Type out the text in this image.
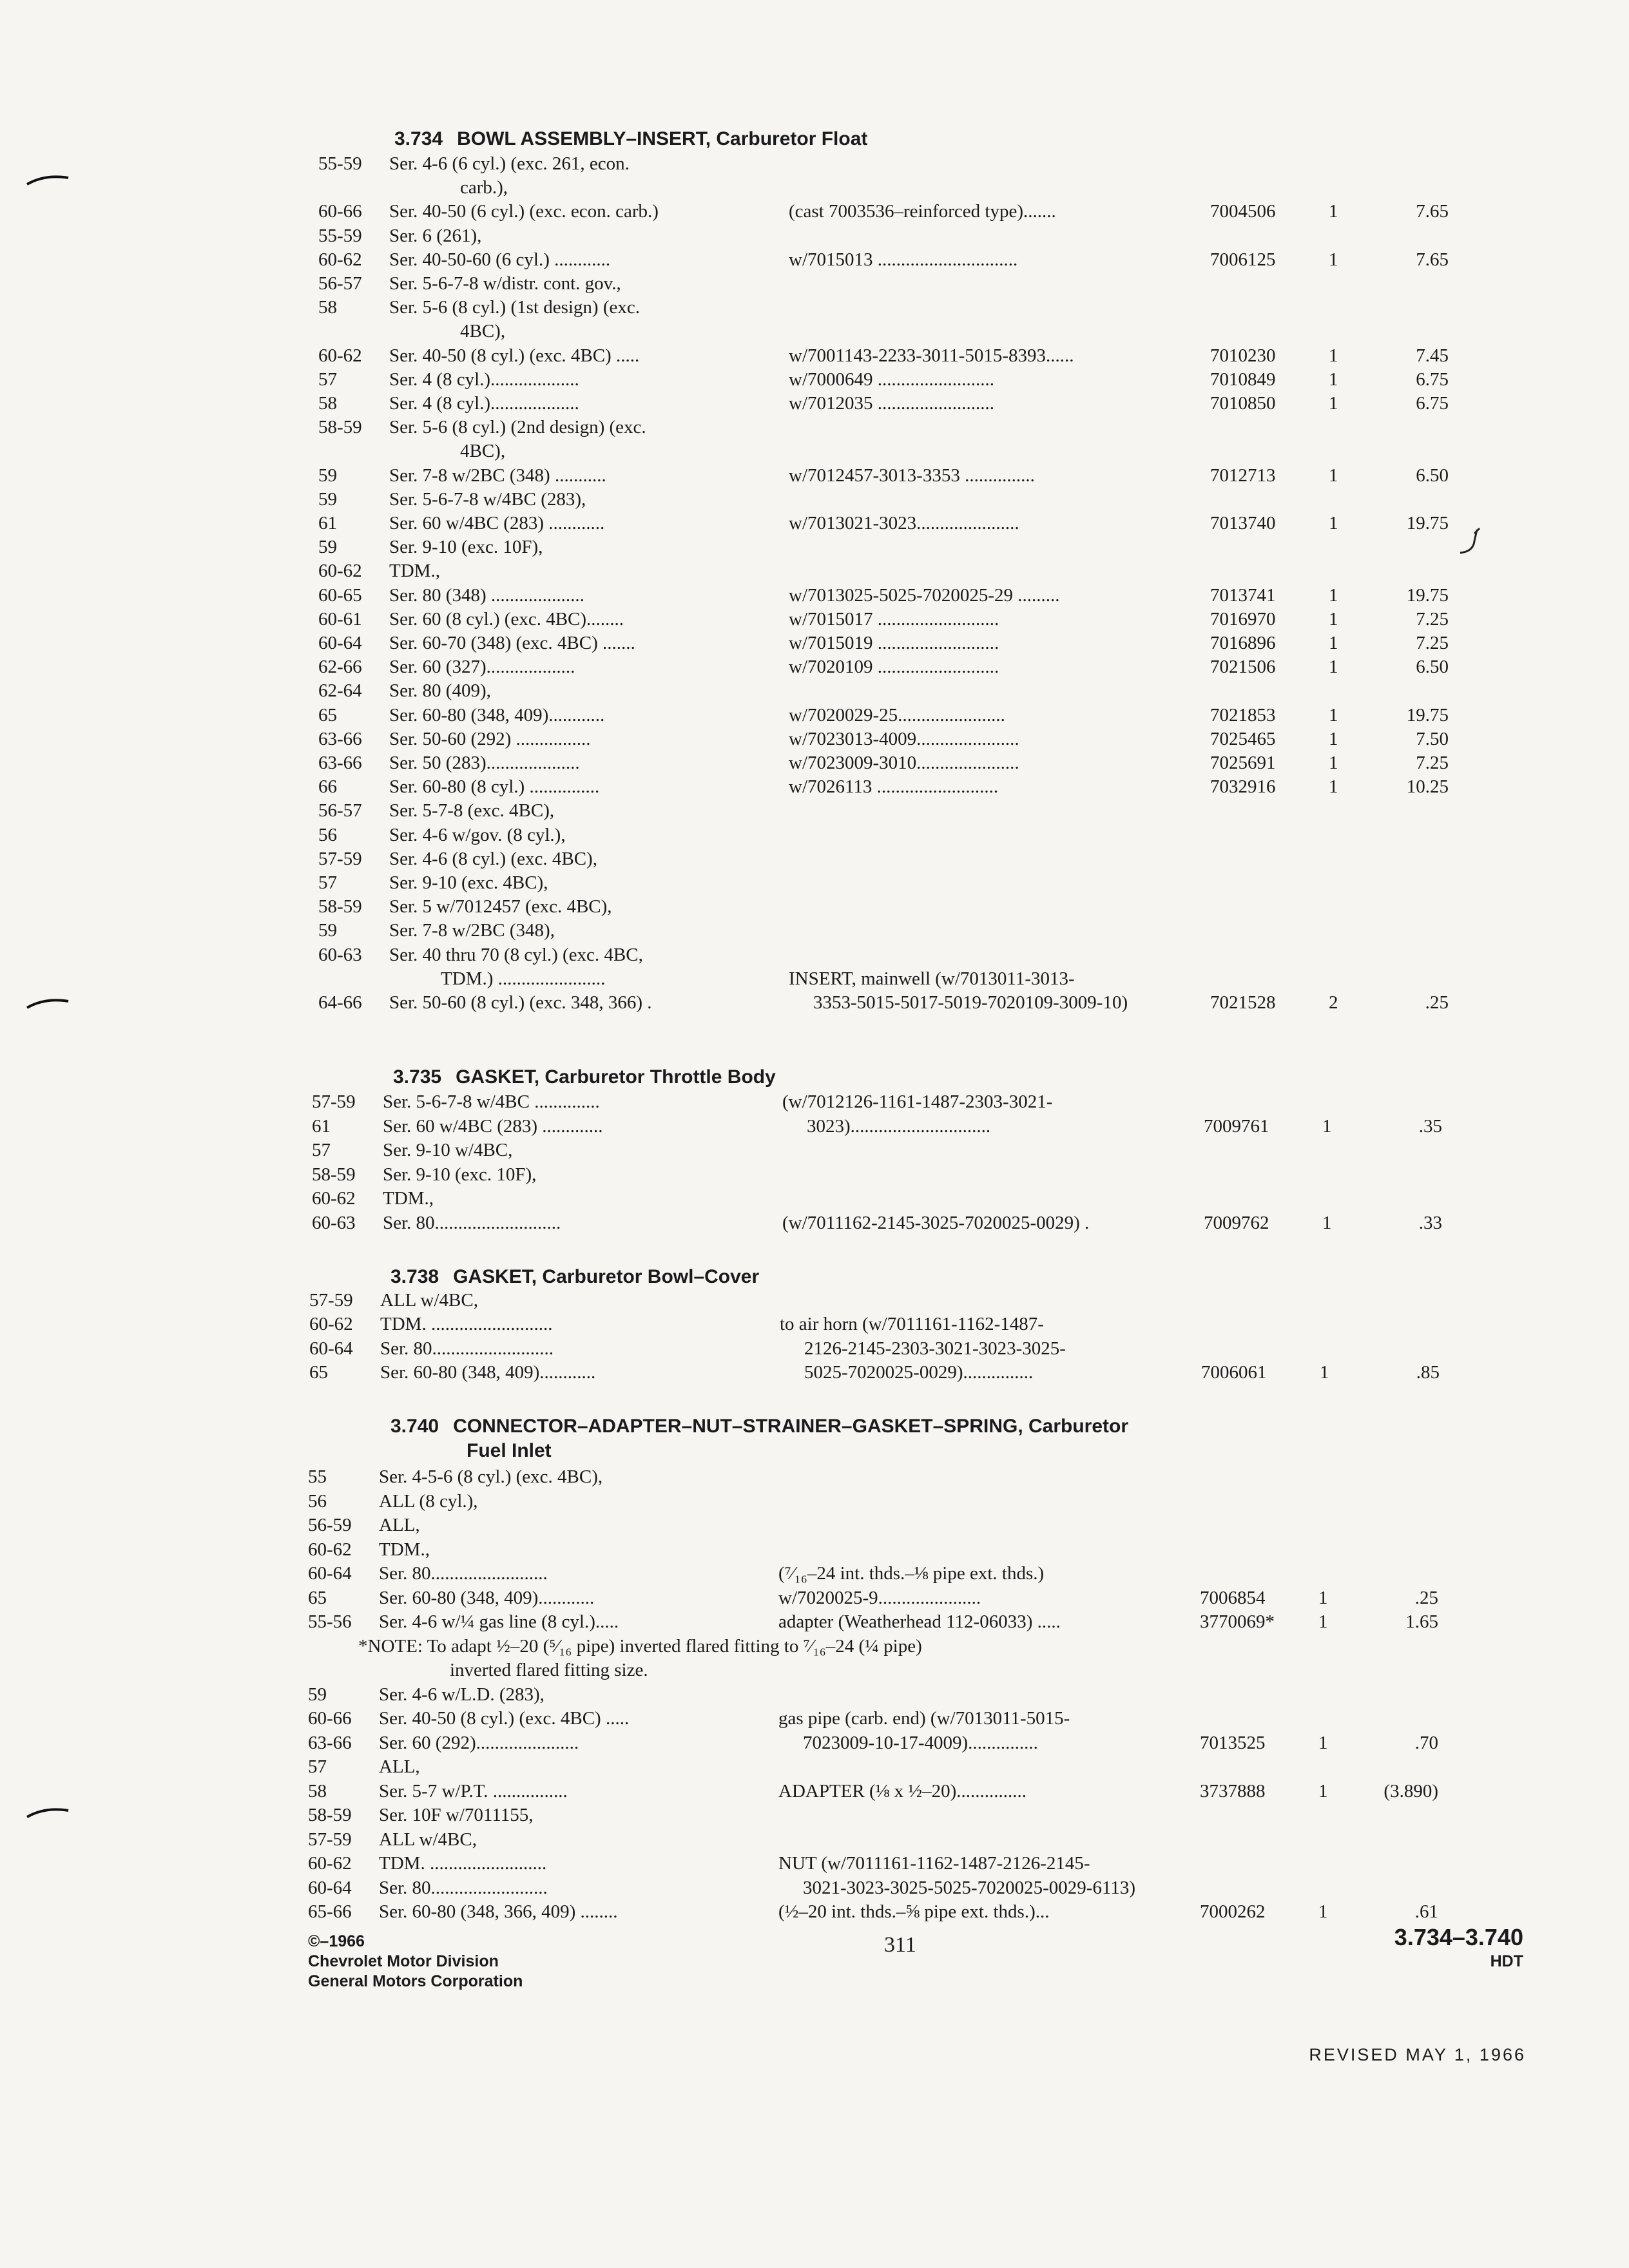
3.734 BOWL ASSEMBLY–INSERT, Carburetor Float
55-59 Ser. 4-6 (6 cyl.) (exc. 261, econ.
carb.),
60-66 Ser. 40-50 (6 cyl.) (exc. econ. carb.)	(cast 7003536–reinforced type).......	7004506	1	7.65
55-59 Ser. 6 (261),
60-62 Ser. 40-50-60 (6 cyl.) ............	w/7015013 ..............................	7006125	1	7.65
56-57 Ser. 5-6-7-8 w/distr. cont. gov.,
58	Ser. 5-6 (8 cyl.) (1st design) (exc.
4BC),
60-62 Ser. 40-50 (8 cyl.) (exc. 4BC) .....	w/7001143-2233-3011-5015-8393......	7010230	1	7.45
57	Ser. 4 (8 cyl.)...................	w/7000649 .........................	7010849	1	6.75
58	Ser. 4 (8 cyl.)...................	w/7012035 .........................	7010850	1	6.75
58-59 Ser. 5-6 (8 cyl.) (2nd design) (exc.
4BC),
59	Ser. 7-8 w/2BC (348) ...........	w/7012457-3013-3353 ...............	7012713	1	6.50
59	Ser. 5-6-7-8 w/4BC (283),
61	Ser. 60 w/4BC (283) ............	w/7013021-3023......................	7013740	1	19.75
59	Ser. 9-10 (exc. 10F),
60-62 TDM.,
60-65 Ser. 80 (348) ....................	w/7013025-5025-7020025-29 .........	7013741	1	19.75
60-61 Ser. 60 (8 cyl.) (exc. 4BC)........	w/7015017 ..........................	7016970	1	7.25
60-64 Ser. 60-70 (348) (exc. 4BC) .......	w/7015019 ..........................	7016896	1	7.25
62-66 Ser. 60 (327)...................	w/7020109 ..........................	7021506	1	6.50
62-64 Ser. 80 (409),
65	Ser. 60-80 (348, 409)............	w/7020029-25.......................	7021853	1	19.75
63-66 Ser. 50-60 (292) ................	w/7023013-4009......................	7025465	1	7.50
63-66 Ser. 50 (283)....................	w/7023009-3010......................	7025691	1	7.25
66	Ser. 60-80 (8 cyl.) ...............	w/7026113 ..........................	7032916	1	10.25
56-57 Ser. 5-7-8 (exc. 4BC),
56	Ser. 4-6 w/gov. (8 cyl.),
57-59 Ser. 4-6 (8 cyl.) (exc. 4BC),
57	Ser. 9-10 (exc. 4BC),
58-59 Ser. 5 w/7012457 (exc. 4BC),
59	Ser. 7-8 w/2BC (348),
60-63 Ser. 40 thru 70 (8 cyl.) (exc. 4BC,
TDM.) .......................	INSERT, mainwell (w/7013011-3013-
64-66 Ser. 50-60 (8 cyl.) (exc. 348, 366) .	3353-5015-5017-5019-7020109-3009-10)	7021528	2	.25
3.735 GASKET, Carburetor Throttle Body
57-59 Ser. 5-6-7-8 w/4BC ..............	(w/7012126-1161-1487-2303-3021-
61	Ser. 60 w/4BC (283) .............	3023)..............................	7009761	1	.35
57	Ser. 9-10 w/4BC,
58-59 Ser. 9-10 (exc. 10F),
60-62 TDM.,
60-63 Ser. 80...........................	(w/7011162-2145-3025-7020025-0029) .	7009762	1	.33
3.738 GASKET, Carburetor Bowl–Cover
57-59 ALL w/4BC,
60-62 TDM. ..........................	to air horn (w/7011161-1162-1487-
60-64 Ser. 80..........................	2126-2145-2303-3021-3023-3025-
65	Ser. 60-80 (348, 409)............	5025-7020025-0029)...............	7006061	1	.85
3.740 CONNECTOR–ADAPTER–NUT–STRAINER–GASKET–SPRING, Carburetor
Fuel Inlet
55	Ser. 4-5-6 (8 cyl.) (exc. 4BC),
56	ALL (8 cyl.),
56-59 ALL,
60-62 TDM.,
60-64 Ser. 80.........................	(⁷⁄₁₆–24 int. thds.–⅛ pipe ext. thds.)
65	Ser. 60-80 (348, 409)............	w/7020025-9......................	7006854	1	.25
55-56 Ser. 4-6 w/¼ gas line (8 cyl.).....	adapter (Weatherhead 112-06033) .....	3770069* 1	1.65
*NOTE: To adapt ½–20 (⁵⁄₁₆ pipe) inverted flared fitting to ⁷⁄₁₆–24 (¼ pipe)
inverted flared fitting size.
59	Ser. 4-6 w/L.D. (283),
60-66 Ser. 40-50 (8 cyl.) (exc. 4BC) .....	gas pipe (carb. end) (w/7013011-5015-
63-66 Ser. 60 (292)......................	7023009-10-17-4009)...............	7013525	1	.70
57	ALL,
58	Ser. 5-7 w/P.T. ................	ADAPTER (⅛ x ½–20)...............	3737888	1	(3.890)
58-59 Ser. 10F w/7011155,
57-59 ALL w/4BC,
60-62 TDM. .........................	NUT (w/7011161-1162-1487-2126-2145-
60-64 Ser. 80.........................	3021-3023-3025-5025-7020025-0029-6113)
65-66 Ser. 60-80 (348, 366, 409) ........	(½–20 int. thds.–⅝ pipe ext. thds.)...	7000262	1	.61
©–1966
Chevrolet Motor Division
General Motors Corporation
311	3.734–3.740
HDT
REVISED MAY 1, 1966
